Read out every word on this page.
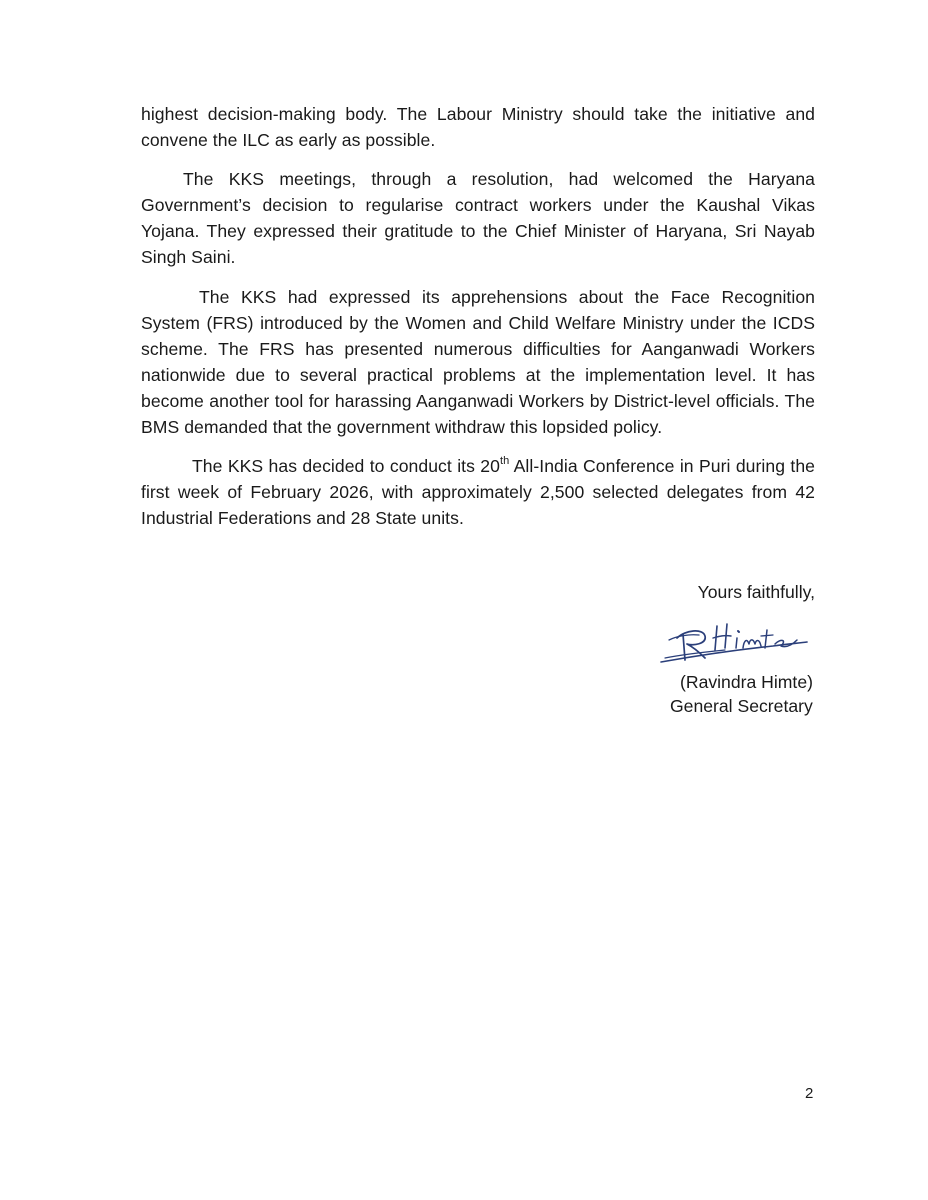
highest decision-making body. The Labour Ministry should take the initiative and convene the ILC as early as possible.

The KKS meetings, through a resolution, had welcomed the Haryana Government’s decision to regularise contract workers under the Kaushal Vikas Yojana. They expressed their gratitude to the Chief Minister of Haryana, Sri Nayab Singh Saini.

The KKS had expressed its apprehensions about the Face Recognition System (FRS) introduced by the Women and Child Welfare Ministry under the ICDS scheme. The FRS has presented numerous difficulties for Aanganwadi Workers nationwide due to several practical problems at the implementation level. It has become another tool for harassing Aanganwadi Workers by District-level officials. The BMS demanded that the government withdraw this lopsided policy.

The KKS has decided to conduct its 20th All-India Conference in Puri during the first week of February 2026, with approximately 2,500 selected delegates from 42 Industrial Federations and 28 State units.

Yours faithfully,
(Ravindra Himte)
General Secretary
2
